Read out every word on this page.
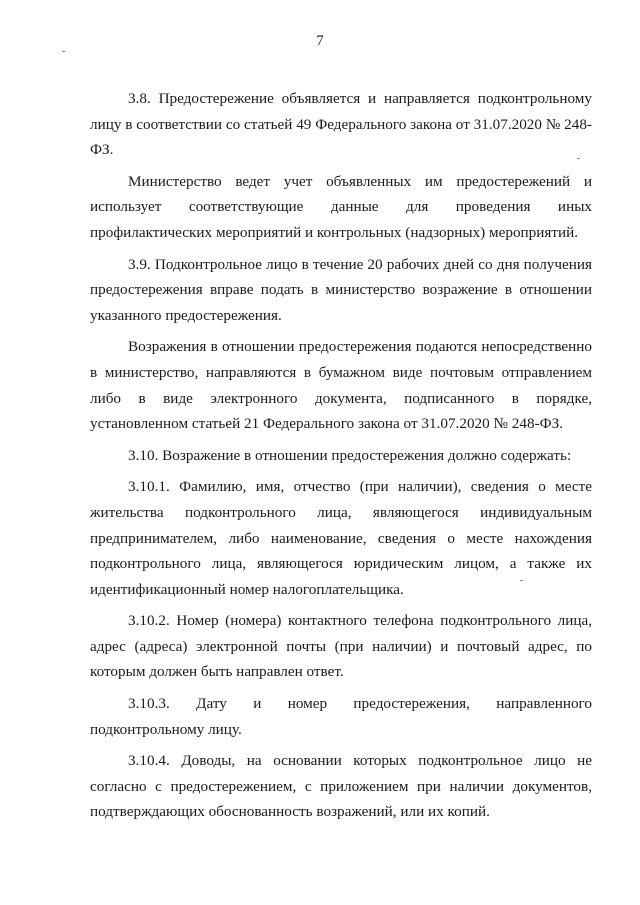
7

3.8. Предостережение объявляется и направляется подконтрольному лицу в соответствии со статьей 49 Федерального закона от 31.07.2020 № 248-ФЗ.

Министерство ведет учет объявленных им предостережений и использует соответствующие данные для проведения иных профилактических мероприятий и контрольных (надзорных) мероприятий.

3.9. Подконтрольное лицо в течение 20 рабочих дней со дня получения предостережения вправе подать в министерство возражение в отношении указанного предостережения.

Возражения в отношении предостережения подаются непосредственно в министерство, направляются в бумажном виде почтовым отправлением либо в виде электронного документа, подписанного в порядке, установленном статьей 21 Федерального закона от 31.07.2020 № 248-ФЗ.

3.10. Возражение в отношении предостережения должно содержать:

3.10.1. Фамилию, имя, отчество (при наличии), сведения о месте жительства подконтрольного лица, являющегося индивидуальным предпринимателем, либо наименование, сведения о месте нахождения подконтрольного лица, являющегося юридическим лицом, а также их идентификационный номер налогоплательщика.

3.10.2. Номер (номера) контактного телефона подконтрольного лица, адрес (адреса) электронной почты (при наличии) и почтовый адрес, по которым должен быть направлен ответ.

3.10.3. Дату и номер предостережения, направленного подконтрольному лицу.

3.10.4. Доводы, на основании которых подконтрольное лицо не согласно с предостережением, с приложением при наличии документов, подтверждающих обоснованность возражений, или их копий.
